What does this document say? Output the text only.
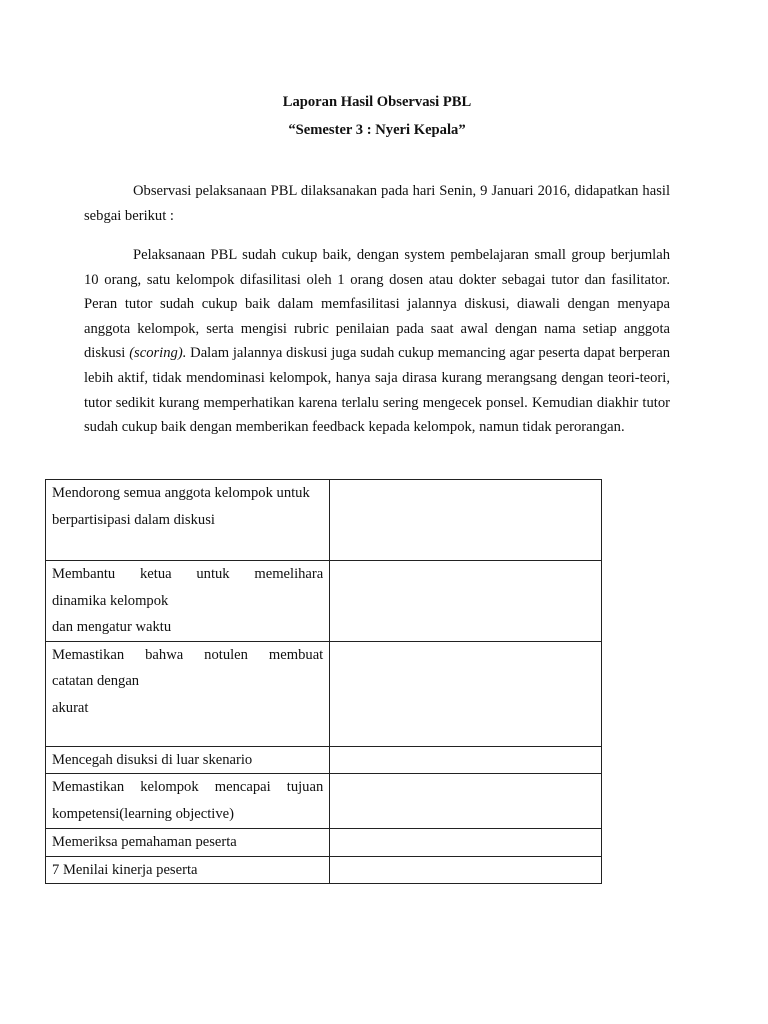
Laporan Hasil Observasi PBL

“Semester 3 : Nyeri Kepala”

Observasi pelaksanaan PBL dilaksanakan pada hari Senin, 9 Januari 2016, didapatkan hasil sebgai berikut :

Pelaksanaan PBL sudah cukup baik, dengan system pembelajaran small group berjumlah 10 orang, satu kelompok difasilitasi oleh 1 orang dosen atau dokter sebagai tutor dan fasilitator. Peran tutor sudah cukup baik dalam memfasilitasi jalannya diskusi, diawali dengan menyapa anggota kelompok, serta mengisi rubric penilaian pada saat awal dengan nama setiap anggota diskusi (scoring). Dalam jalannya diskusi juga sudah cukup memancing agar peserta dapat berperan lebih aktif, tidak mendominasi kelompok, hanya saja dirasa kurang merangsang dengan teori-teori, tutor sedikit kurang memperhatikan karena terlalu sering mengecek ponsel. Kemudian diakhir tutor sudah cukup baik dengan memberikan feedback kepada kelompok, namun tidak perorangan.

Mendorong semua anggota kelompok untuk
berpartisipasi dalam diskusi	

Membantu ketua untuk memelihara
dinamika kelompok
dan mengatur waktu	

Memastikan bahwa notulen membuat
catatan dengan
akurat	

Mencegah disuksi di luar skenario	

Memastikan kelompok mencapai tujuan
kompetensi(learning objective)	

Memeriksa pemahaman peserta	

7 Menilai kinerja peserta	
